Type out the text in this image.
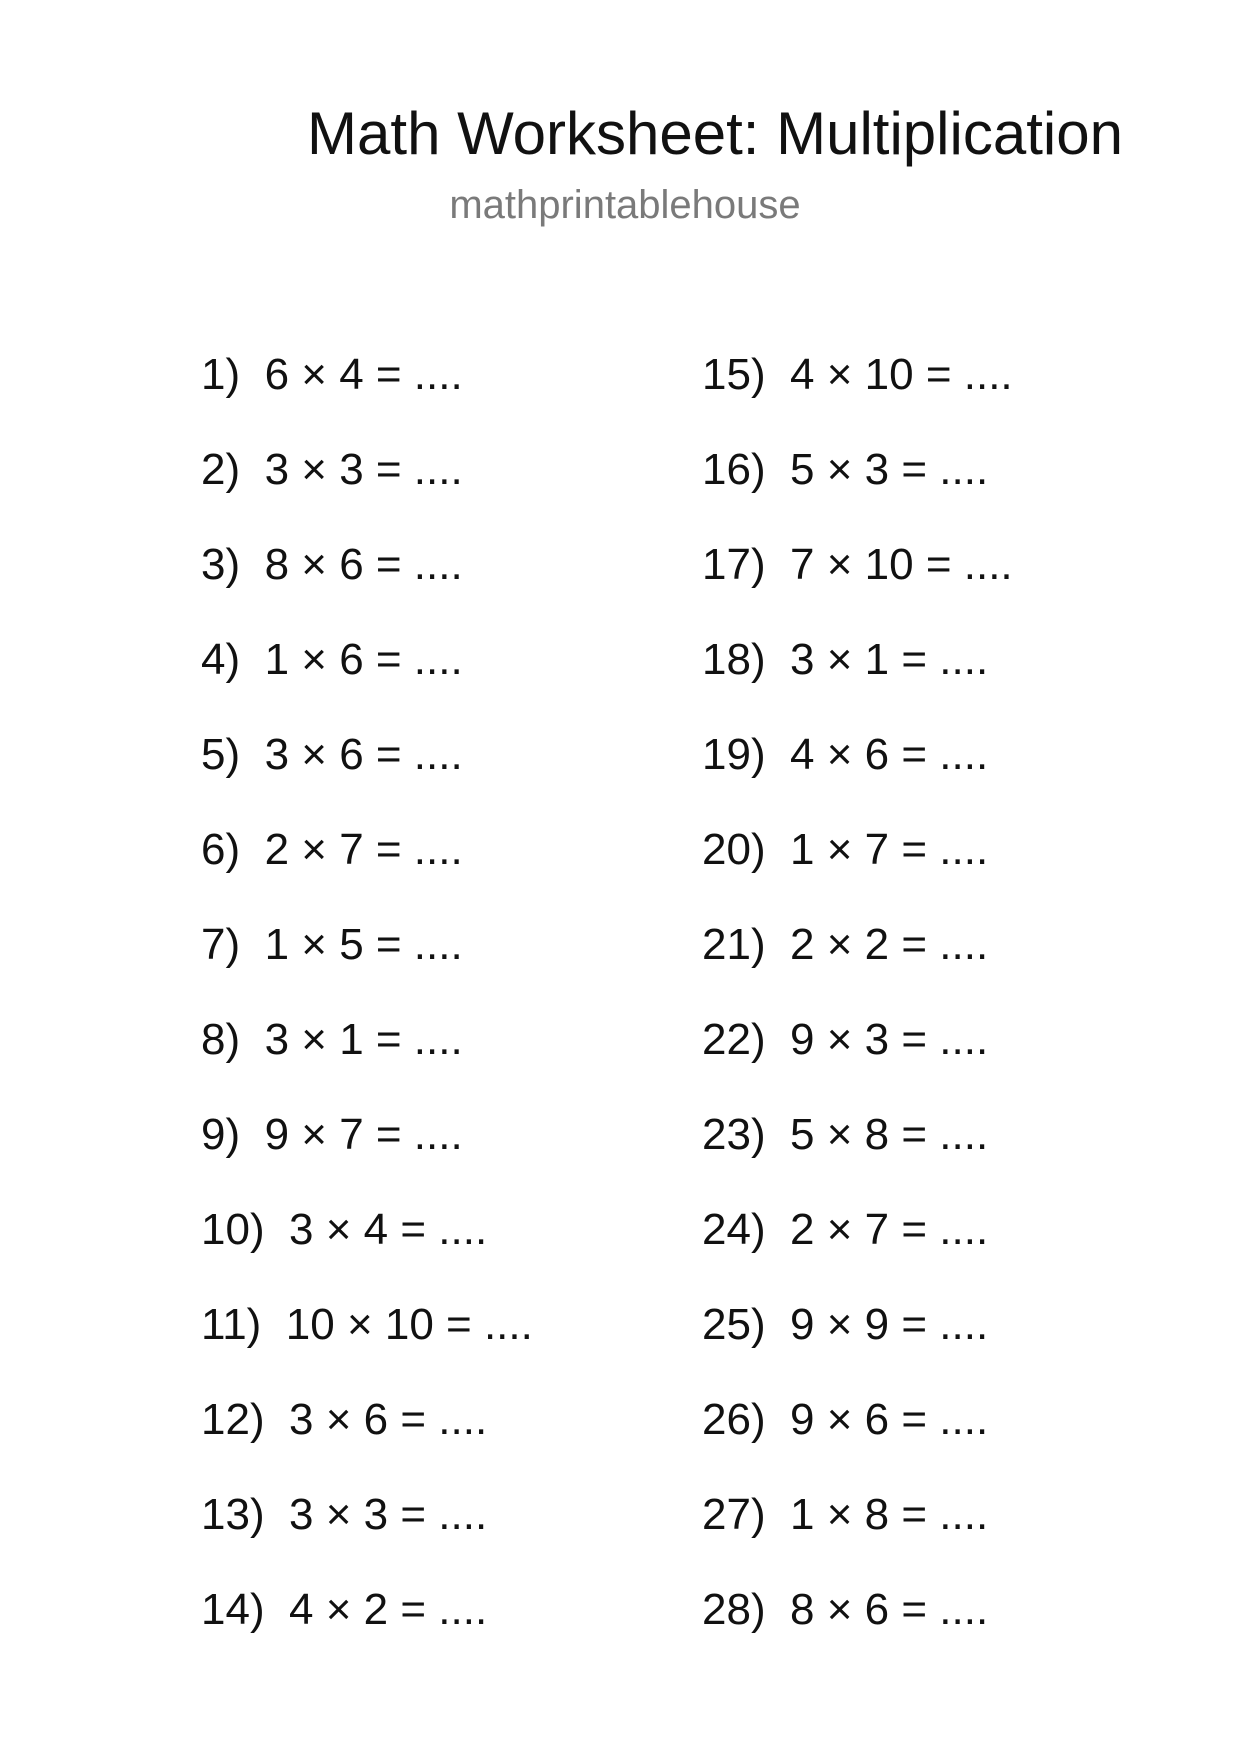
Math Worksheet: Multiplication
mathprintablehouse
1) 6 × 4 = ....
2) 3 × 3 = ....
3) 8 × 6 = ....
4) 1 × 6 = ....
5) 3 × 6 = ....
6) 2 × 7 = ....
7) 1 × 5 = ....
8) 3 × 1 = ....
9) 9 × 7 = ....
10) 3 × 4 = ....
11) 10 × 10 = ....
12) 3 × 6 = ....
13) 3 × 3 = ....
14) 4 × 2 = ....
15) 4 × 10 = ....
16) 5 × 3 = ....
17) 7 × 10 = ....
18) 3 × 1 = ....
19) 4 × 6 = ....
20) 1 × 7 = ....
21) 2 × 2 = ....
22) 9 × 3 = ....
23) 5 × 8 = ....
24) 2 × 7 = ....
25) 9 × 9 = ....
26) 9 × 6 = ....
27) 1 × 8 = ....
28) 8 × 6 = ....
